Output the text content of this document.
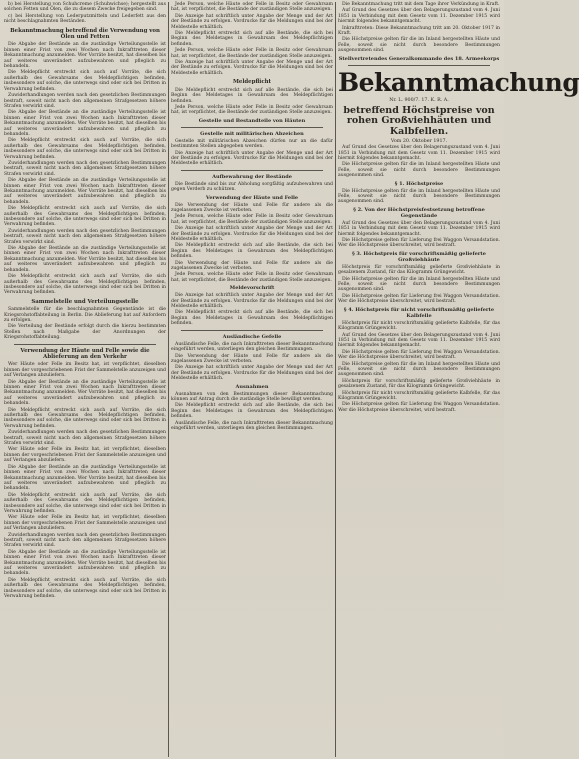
b) bei Herstellung von Schuhcreme (Schuhwichse); hergestellt aus solchen Fetten und Ölen, die zu diesem Zwecke freigegeben sind.

c) bei Herstellung von Lederputzmitteln und Lederfett aus den nicht beschlagnahmten Beständen.

Bekanntmachung betreffend die Verwendung von Ölen und Fetten

Die Abgabe der Bestände an die zuständige Verteilungsstelle ist binnen einer Frist von zwei Wochen nach Inkrafttreten dieser Bekanntmachung anzumelden. Wer Vorräte besitzt, hat dieselben bis auf weiteres unverändert aufzubewahren und pfleglich zu behandeln.

Die Meldepflicht erstreckt sich auch auf Vorräte, die sich außerhalb des Gewahrsams des Meldepflichtigen befinden, insbesondere auf solche, die unterwegs sind oder sich bei Dritten in Verwahrung befinden.

Zuwiderhandlungen werden nach den gesetzlichen Bestimmungen bestraft, soweit nicht nach den allgemeinen Strafgesetzen höhere Strafen verwirkt sind.

Die Abgabe der Bestände an die zuständige Verteilungsstelle ist binnen einer Frist von zwei Wochen nach Inkrafttreten dieser Bekanntmachung anzumelden. Wer Vorräte besitzt, hat dieselben bis auf weiteres unverändert aufzubewahren und pfleglich zu behandeln.

Die Meldepflicht erstreckt sich auch auf Vorräte, die sich außerhalb des Gewahrsams des Meldepflichtigen befinden, insbesondere auf solche, die unterwegs sind oder sich bei Dritten in Verwahrung befinden.

Zuwiderhandlungen werden nach den gesetzlichen Bestimmungen bestraft, soweit nicht nach den allgemeinen Strafgesetzen höhere Strafen verwirkt sind.

Die Abgabe der Bestände an die zuständige Verteilungsstelle ist binnen einer Frist von zwei Wochen nach Inkrafttreten dieser Bekanntmachung anzumelden. Wer Vorräte besitzt, hat dieselben bis auf weiteres unverändert aufzubewahren und pfleglich zu behandeln.

Die Meldepflicht erstreckt sich auch auf Vorräte, die sich außerhalb des Gewahrsams des Meldepflichtigen befinden, insbesondere auf solche, die unterwegs sind oder sich bei Dritten in Verwahrung befinden.

Zuwiderhandlungen werden nach den gesetzlichen Bestimmungen bestraft, soweit nicht nach den allgemeinen Strafgesetzen höhere Strafen verwirkt sind.

Die Abgabe der Bestände an die zuständige Verteilungsstelle ist binnen einer Frist von zwei Wochen nach Inkrafttreten dieser Bekanntmachung anzumelden. Wer Vorräte besitzt, hat dieselben bis auf weiteres unverändert aufzubewahren und pfleglich zu behandeln.

Die Meldepflicht erstreckt sich auch auf Vorräte, die sich außerhalb des Gewahrsams des Meldepflichtigen befinden, insbesondere auf solche, die unterwegs sind oder sich bei Dritten in Verwahrung befinden.

Sammelstelle und Verteilungsstelle

Sammelstelle für die beschlagnahmten Gegenstände ist die Kriegsrohstoffabteilung in Berlin. Die Ablieferung hat auf Anfordern zu erfolgen.

Die Verteilung der Bestände erfolgt durch die hierzu bestimmten Stellen nach Maßgabe der Anordnungen der Kriegsrohstoffabteilung.

Verwendung der Häute und Felle sowie die Ablieferung an den Verkehr

Wer Häute oder Felle im Besitz hat, ist verpflichtet, dieselben binnen der vorgeschriebenen Frist der Sammelstelle anzuzeigen und auf Verlangen abzuliefern.

Die Abgabe der Bestände an die zuständige Verteilungsstelle ist binnen einer Frist von zwei Wochen nach Inkrafttreten dieser Bekanntmachung anzumelden. Wer Vorräte besitzt, hat dieselben bis auf weiteres unverändert aufzubewahren und pfleglich zu behandeln.

Die Meldepflicht erstreckt sich auch auf Vorräte, die sich außerhalb des Gewahrsams des Meldepflichtigen befinden, insbesondere auf solche, die unterwegs sind oder sich bei Dritten in Verwahrung befinden.

Zuwiderhandlungen werden nach den gesetzlichen Bestimmungen bestraft, soweit nicht nach den allgemeinen Strafgesetzen höhere Strafen verwirkt sind.

Wer Häute oder Felle im Besitz hat, ist verpflichtet, dieselben binnen der vorgeschriebenen Frist der Sammelstelle anzuzeigen und auf Verlangen abzuliefern.

Die Abgabe der Bestände an die zuständige Verteilungsstelle ist binnen einer Frist von zwei Wochen nach Inkrafttreten dieser Bekanntmachung anzumelden. Wer Vorräte besitzt, hat dieselben bis auf weiteres unverändert aufzubewahren und pfleglich zu behandeln.

Die Meldepflicht erstreckt sich auch auf Vorräte, die sich außerhalb des Gewahrsams des Meldepflichtigen befinden, insbesondere auf solche, die unterwegs sind oder sich bei Dritten in Verwahrung befinden.

Wer Häute oder Felle im Besitz hat, ist verpflichtet, dieselben binnen der vorgeschriebenen Frist der Sammelstelle anzuzeigen und auf Verlangen abzuliefern.

Zuwiderhandlungen werden nach den gesetzlichen Bestimmungen bestraft, soweit nicht nach den allgemeinen Strafgesetzen höhere Strafen verwirkt sind.

Die Abgabe der Bestände an die zuständige Verteilungsstelle ist binnen einer Frist von zwei Wochen nach Inkrafttreten dieser Bekanntmachung anzumelden. Wer Vorräte besitzt, hat dieselben bis auf weiteres unverändert aufzubewahren und pfleglich zu behandeln.

Die Meldepflicht erstreckt sich auch auf Vorräte, die sich außerhalb des Gewahrsams des Meldepflichtigen befinden, insbesondere auf solche, die unterwegs sind oder sich bei Dritten in Verwahrung befinden.

Jede Person, welche Häute oder Felle in Besitz oder Gewahrsam hat, ist verpflichtet, die Bestände der zuständigen Stelle anzuzeigen.

Die Anzeige hat schriftlich unter Angabe der Menge und der Art der Bestände zu erfolgen. Vordrucke für die Meldungen sind bei der Meldestelle erhältlich.

Die Meldepflicht erstreckt sich auf alle Bestände, die sich bei Beginn des Meldetages in Gewahrsam des Meldepflichtigen befinden.

Jede Person, welche Häute oder Felle in Besitz oder Gewahrsam hat, ist verpflichtet, die Bestände der zuständigen Stelle anzuzeigen.

Die Anzeige hat schriftlich unter Angabe der Menge und der Art der Bestände zu erfolgen. Vordrucke für die Meldungen sind bei der Meldestelle erhältlich.

Meldepflicht

Die Meldepflicht erstreckt sich auf alle Bestände, die sich bei Beginn des Meldetages in Gewahrsam des Meldepflichtigen befinden.

Jede Person, welche Häute oder Felle in Besitz oder Gewahrsam hat, ist verpflichtet, die Bestände der zuständigen Stelle anzuzeigen.

Gestelle und Bestandteile von Häuten
Gestelle mit militärischen Abzeichen

Gestelle mit militärischen Abzeichen dürfen nur an die dafür bestimmten Stellen abgegeben werden.

Die Anzeige hat schriftlich unter Angabe der Menge und der Art der Bestände zu erfolgen. Vordrucke für die Meldungen sind bei der Meldestelle erhältlich.

Aufbewahrung der Bestände

Die Bestände sind bis zur Abholung sorgfältig aufzubewahren und gegen Verderb zu schützen.

Verwendung der Häute und Felle

Die Verwendung der Häute und Felle für andere als die zugelassenen Zwecke ist verboten.

Jede Person, welche Häute oder Felle in Besitz oder Gewahrsam hat, ist verpflichtet, die Bestände der zuständigen Stelle anzuzeigen.

Die Anzeige hat schriftlich unter Angabe der Menge und der Art der Bestände zu erfolgen. Vordrucke für die Meldungen sind bei der Meldestelle erhältlich.

Die Meldepflicht erstreckt sich auf alle Bestände, die sich bei Beginn des Meldetages in Gewahrsam des Meldepflichtigen befinden.

Die Verwendung der Häute und Felle für andere als die zugelassenen Zwecke ist verboten.

Jede Person, welche Häute oder Felle in Besitz oder Gewahrsam hat, ist verpflichtet, die Bestände der zuständigen Stelle anzuzeigen.

Meldevorschrift

Die Anzeige hat schriftlich unter Angabe der Menge und der Art der Bestände zu erfolgen. Vordrucke für die Meldungen sind bei der Meldestelle erhältlich.

Die Meldepflicht erstreckt sich auf alle Bestände, die sich bei Beginn des Meldetages in Gewahrsam des Meldepflichtigen befinden.

Ausländische Gefelle

Ausländische Felle, die nach Inkrafttreten dieser Bekanntmachung eingeführt werden, unterliegen den gleichen Bestimmungen.

Die Verwendung der Häute und Felle für andere als die zugelassenen Zwecke ist verboten.

Die Anzeige hat schriftlich unter Angabe der Menge und der Art der Bestände zu erfolgen. Vordrucke für die Meldungen sind bei der Meldestelle erhältlich.

Ausnahmen

Ausnahmen von den Bestimmungen dieser Bekanntmachung können auf Antrag durch die zuständige Stelle bewilligt werden.

Die Meldepflicht erstreckt sich auf alle Bestände, die sich bei Beginn des Meldetages in Gewahrsam des Meldepflichtigen befinden.

Ausländische Felle, die nach Inkrafttreten dieser Bekanntmachung eingeführt werden, unterliegen den gleichen Bestimmungen.

Die Bekanntmachung tritt mit dem Tage ihrer Verkündung in Kraft.

Auf Grund des Gesetzes über den Belagerungszustand vom 4. Juni 1851 in Verbindung mit dem Gesetz vom 11. Dezember 1915 wird hiermit folgendes bekanntgemacht.

Inkrafttreten: Diese Bekanntmachung tritt am 20. Oktober 1917 in Kraft.

Die Höchstpreise gelten für die im Inland hergestellten Häute und Felle, soweit sie nicht durch besondere Bestimmungen ausgenommen sind.

Stellvertretendes Generalkommando des 18. Armeekorps
Bekanntmachung
Nr. L. 900/7. 17. K. R. A.
betreffend Höchstpreise von rohen Großviehhäuten und Kalbfellen.
Vom 20. Oktober 1917.

Auf Grund des Gesetzes über den Belagerungszustand vom 4. Juni 1851 in Verbindung mit dem Gesetz vom 11. Dezember 1915 wird hiermit folgendes bekanntgemacht.

Die Höchstpreise gelten für die im Inland hergestellten Häute und Felle, soweit sie nicht durch besondere Bestimmungen ausgenommen sind.

§ 1. Höchstpreise

Die Höchstpreise gelten für die im Inland hergestellten Häute und Felle, soweit sie nicht durch besondere Bestimmungen ausgenommen sind.

§ 2. Von der Höchstpreisfestsetzung betroffene Gegenstände

Auf Grund des Gesetzes über den Belagerungszustand vom 4. Juni 1851 in Verbindung mit dem Gesetz vom 11. Dezember 1915 wird hiermit folgendes bekanntgemacht.

Die Höchstpreise gelten für Lieferung frei Waggon Versandstation. Wer die Höchstpreise überschreitet, wird bestraft.

§ 3. Höchstpreis für vorschriftsmäßig gelieferte Großviehhäute

Höchstpreis für vorschriftsmäßig gelieferte Großviehhäute in gesalzenem Zustand, für das Kilogramm Grüngewicht.

Die Höchstpreise gelten für die im Inland hergestellten Häute und Felle, soweit sie nicht durch besondere Bestimmungen ausgenommen sind.

Die Höchstpreise gelten für Lieferung frei Waggon Versandstation. Wer die Höchstpreise überschreitet, wird bestraft.

§ 4. Höchstpreis für nicht vorschriftsmäßig gelieferte Kalbfelle

Höchstpreis für nicht vorschriftsmäßig gelieferte Kalbfelle, für das Kilogramm Grüngewicht.

Auf Grund des Gesetzes über den Belagerungszustand vom 4. Juni 1851 in Verbindung mit dem Gesetz vom 11. Dezember 1915 wird hiermit folgendes bekanntgemacht.

Die Höchstpreise gelten für Lieferung frei Waggon Versandstation. Wer die Höchstpreise überschreitet, wird bestraft.

Die Höchstpreise gelten für die im Inland hergestellten Häute und Felle, soweit sie nicht durch besondere Bestimmungen ausgenommen sind.

Höchstpreis für vorschriftsmäßig gelieferte Großviehhäute in gesalzenem Zustand, für das Kilogramm Grüngewicht.

Höchstpreis für nicht vorschriftsmäßig gelieferte Kalbfelle, für das Kilogramm Grüngewicht.

Die Höchstpreise gelten für Lieferung frei Waggon Versandstation. Wer die Höchstpreise überschreitet, wird bestraft.
